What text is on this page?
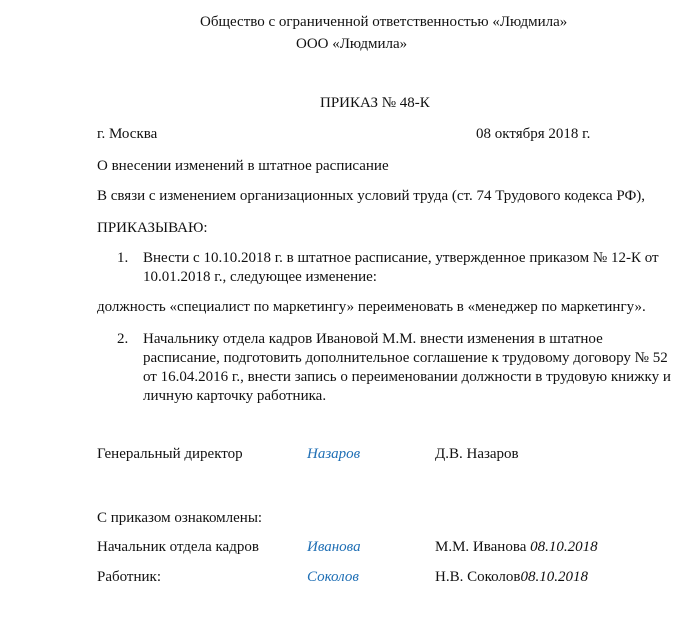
Общество с ограниченной ответственностью «Людмила»
ООО «Людмила»
ПРИКАЗ № 48-К
г. Москва	08 октября 2018 г.
О внесении изменений в штатное расписание
В связи с изменением организационных условий труда (ст. 74 Трудового кодекса РФ),
ПРИКАЗЫВАЮ:
1. Внести с 10.10.2018 г. в штатное расписание, утвержденное приказом № 12-К от
10.01.2018 г., следующее изменение:
должность «специалист по маркетингу» переименовать в «менеджер по маркетингу».
2. Начальнику отдела кадров Ивановой М.М. внести изменения в штатное
расписание, подготовить дополнительное соглашение к трудовому договору № 52
от 16.04.2016 г., внести запись о переименовании должности в трудовую книжку и
личную карточку работника.
Генеральный директор	Назаров	Д.В. Назаров
С приказом ознакомлены:
Начальник отдела кадров	Иванова	М.М. Иванова 08.10.2018
Работник:	Соколов	Н.В. Соколов08.10.2018
